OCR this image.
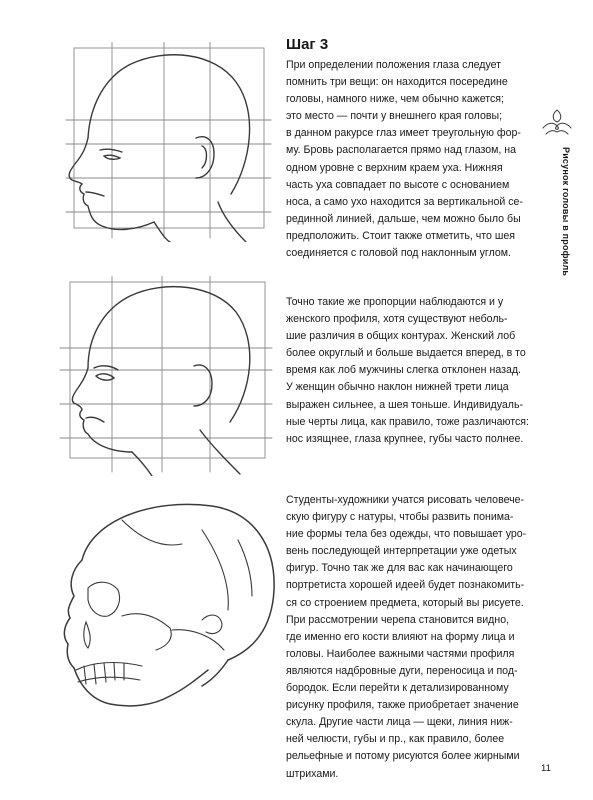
Шаг 3
При определении положения глаза следует
помнить три вещи: он находится посередине
головы, намного ниже, чем обычно кажется;
это место — почти у внешнего края головы;
в данном ракурсе глаз имеет треугольную фор-
му. Бровь располагается прямо над глазом, на
одном уровне с верхним краем уха. Нижняя
часть уха совпадает по высоте с основанием
носа, а само ухо находится за вертикальной се-
рединной линией, дальше, чем можно было бы
предположить. Стоит также отметить, что шея
соединяется с головой под наклонным углом.
Точно такие же пропорции наблюдаются и у
женского профиля, хотя существуют неболь-
шие различия в общих контурах. Женский лоб
более округлый и больше выдается вперед, в то
время как лоб мужчины слегка отклонен назад.
У женщин обычно наклон нижней трети лица
выражен сильнее, а шея тоньше. Индивидуаль-
ные черты лица, как правило, тоже различаются:
нос изящнее, глаза крупнее, губы часто полнее.
Студенты-художники учатся рисовать человече-
скую фигуру с натуры, чтобы развить понима-
ние формы тела без одежды, что повышает уро-
вень последующей интерпретации уже одетых
фигур. Точно так же для вас как начинающего
портретиста хорошей идеей будет познакомить-
ся со строением предмета, который вы рисуете.
При рассмотрении черепа становится видно,
где именно его кости влияют на форму лица и
головы. Наиболее важными частями профиля
являются надбровные дуги, переносица и под-
бородок. Если перейти к детализированному
рисунку профиля, также приобретает значение
скула. Другие части лица — щеки, линия ниж-
ней челюсти, губы и пр., как правило, более
рельефные и потому рисуются более жирными
штрихами.
Рисунок головы в профиль
11
